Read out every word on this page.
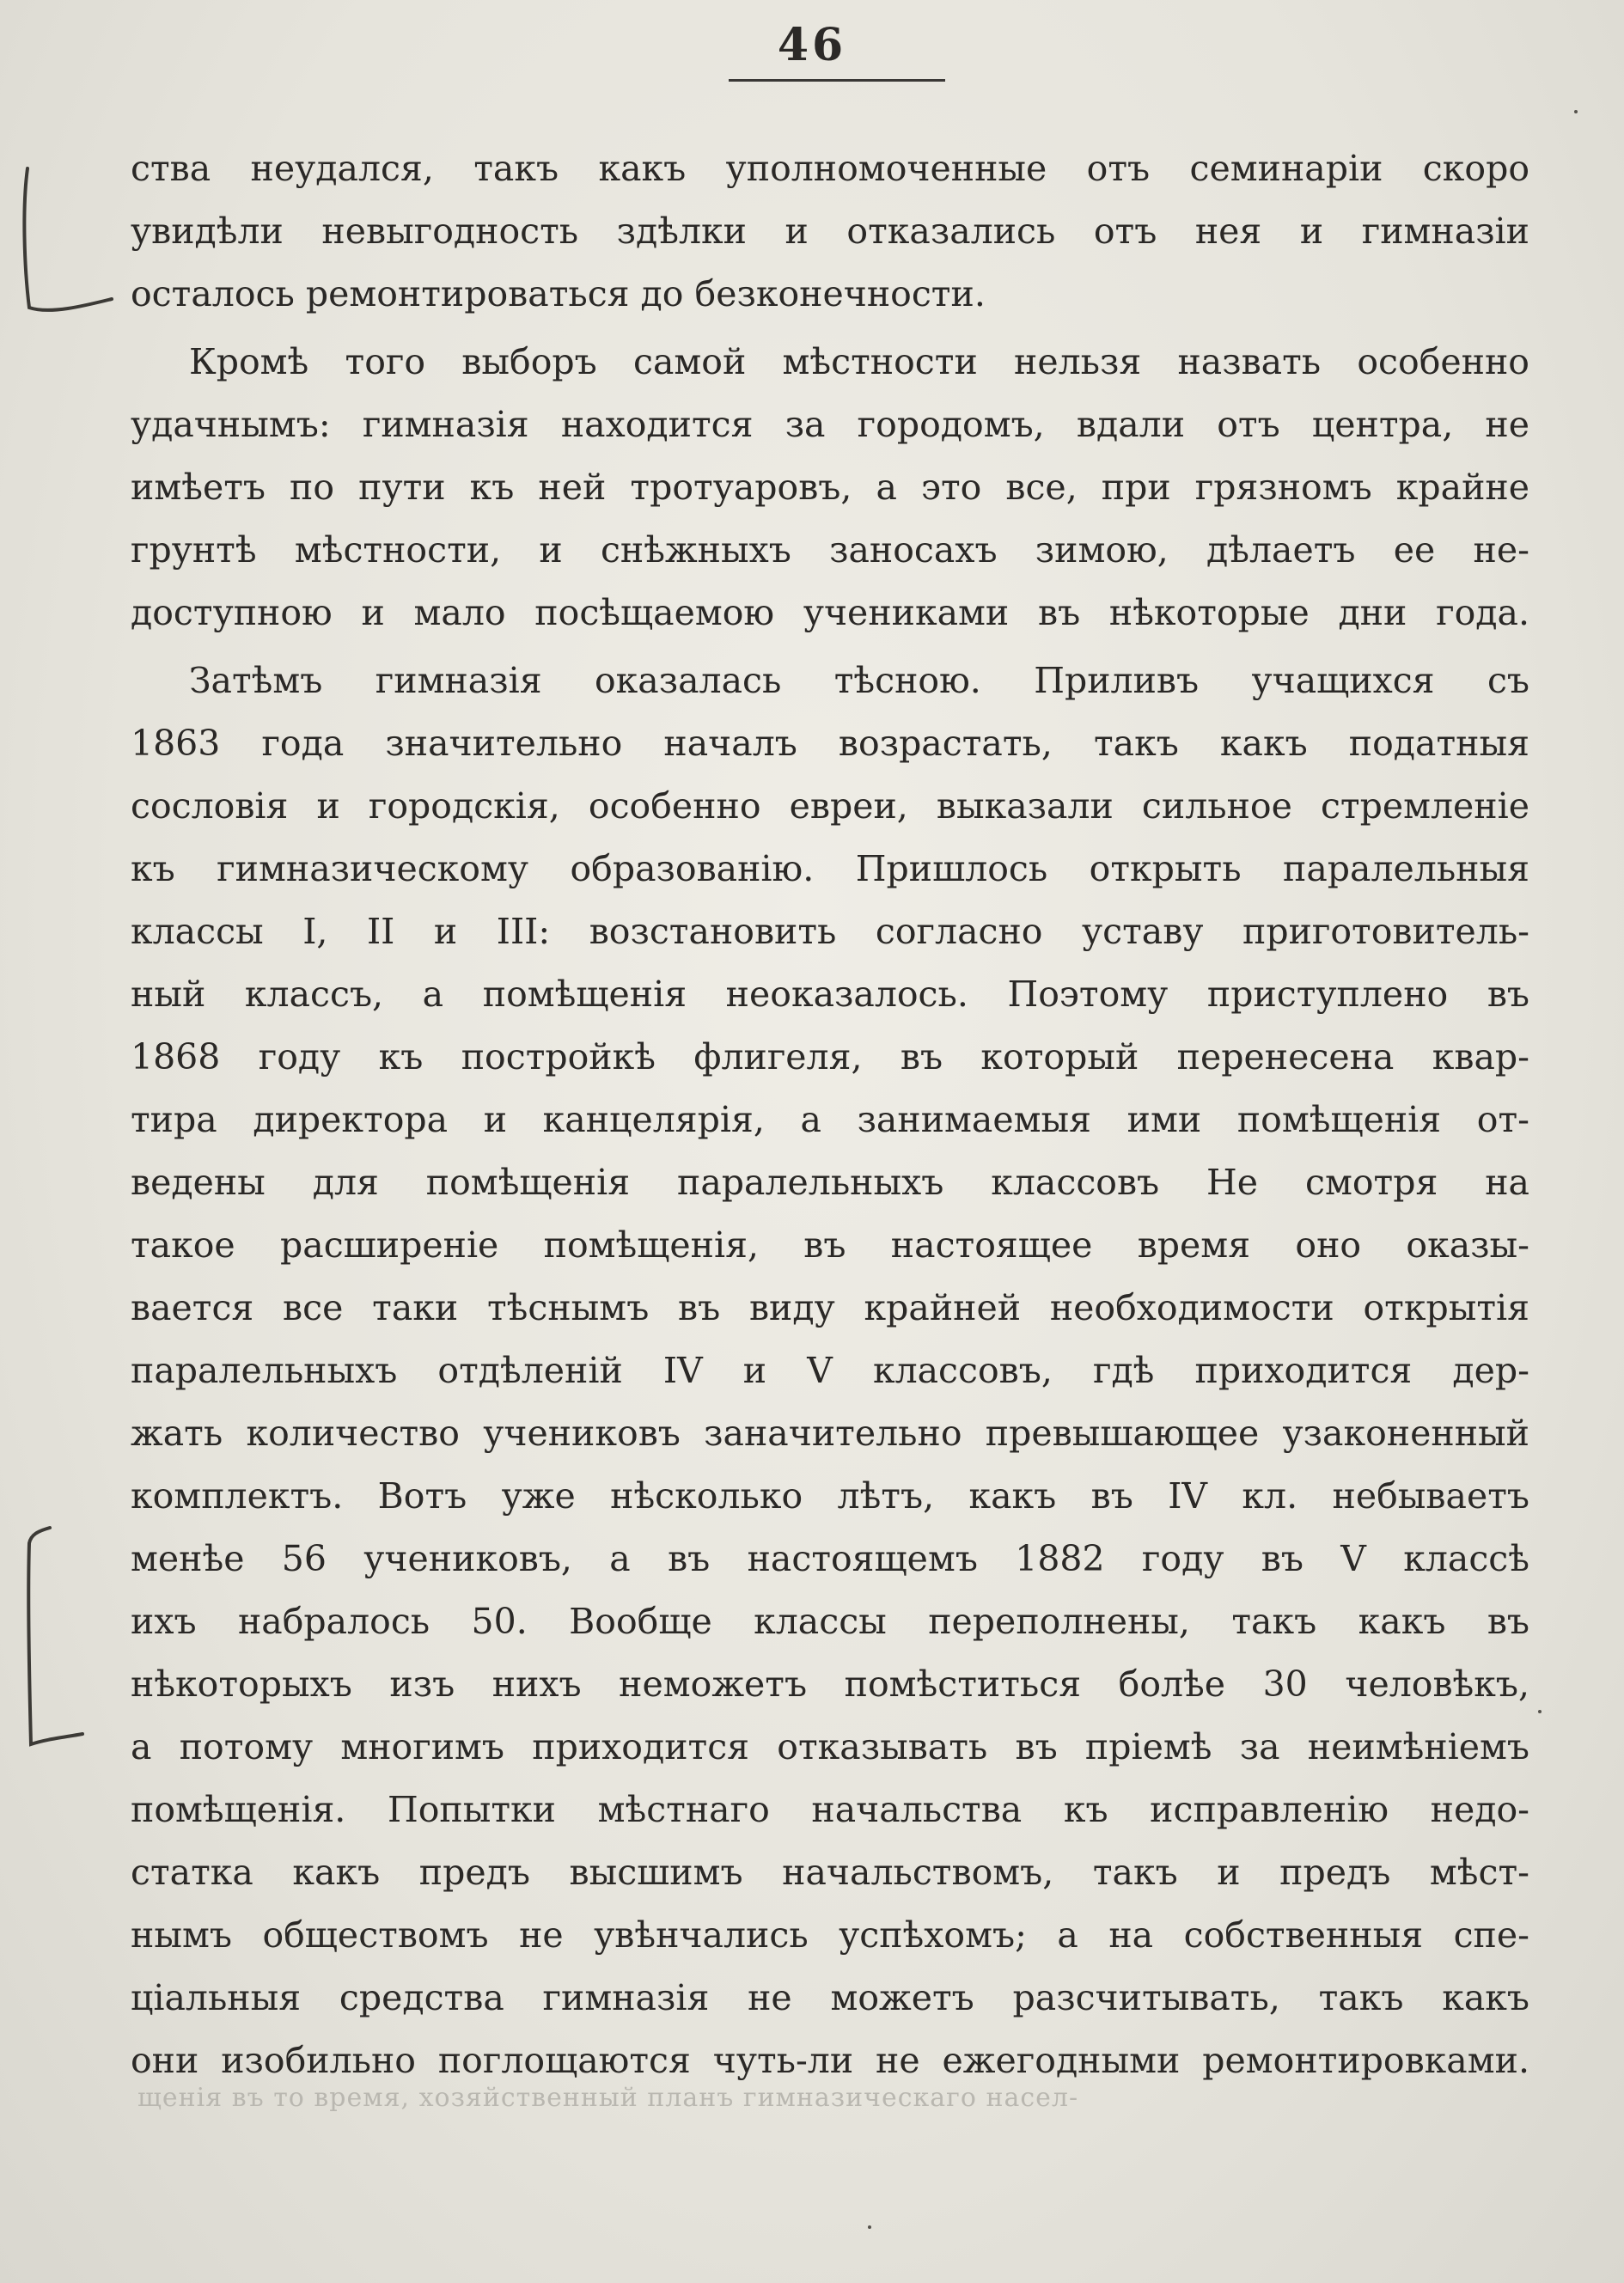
46
ства неудался, такъ какъ уполномоченные отъ семинаріи скоро
увидѣли невыгодность здѣлки и отказались отъ нея и гимназіи
осталось ремонтироваться до безконечности.
Кромѣ того выборъ самой мѣстности нельзя назвать особенно
удачнымъ: гимназія находится за городомъ, вдали отъ центра, не
имѣетъ по пути къ ней тротуаровъ, а это все, при грязномъ крайне
грунтѣ мѣстности, и снѣжныхъ заносахъ зимою, дѣлаетъ ее не-
доступною и мало посѣщаемою учениками въ нѣкоторые дни года.
Затѣмъ гимназія оказалась тѣсною. Приливъ учащихся съ
1863 года значительно началъ возрастать, такъ какъ податныя
сословія и городскія, особенно евреи, выказали сильное стремленіе
къ гимназическому образованію. Пришлось открыть паралельныя
классы I, II и III: возстановить согласно уставу приготовитель-
ный классъ, а помѣщенія неоказалось. Поэтому приступлено въ
1868 году къ постройкѣ флигеля, въ который перенесена квар-
тира директора и канцелярія, а занимаемыя ими помѣщенія от-
ведены для помѣщенія паралельныхъ классовъ Не смотря на
такое расширеніе помѣщенія, въ настоящее время оно оказы-
вается все таки тѣснымъ въ виду крайней необходимости открытія
паралельныхъ отдѣленій IV и V классовъ, гдѣ приходится дер-
жать количество учениковъ заначительно превышающее узаконенный
комплектъ. Вотъ уже нѣсколько лѣтъ, какъ въ IV кл. небываетъ
менѣе 56 учениковъ, а въ настоящемъ 1882 году въ V классѣ
ихъ набралось 50. Вообще классы переполнены, такъ какъ въ
нѣкоторыхъ изъ нихъ неможетъ помѣститься болѣе 30 человѣкъ,
а потому многимъ приходится отказывать въ пріемѣ за неимѣніемъ
помѣщенія. Попытки мѣстнаго начальства къ исправленію недо-
статка какъ предъ высшимъ начальствомъ, такъ и предъ мѣст-
нымъ обществомъ не увѣнчались успѣхомъ; а на собственныя спе-
ціальныя средства гимназія не можетъ разсчитывать, такъ какъ
они изобильно поглощаются чуть-ли не ежегодными ремонтировками.
щенія въ то время, хозяйственный планъ гимназическаго насел-
